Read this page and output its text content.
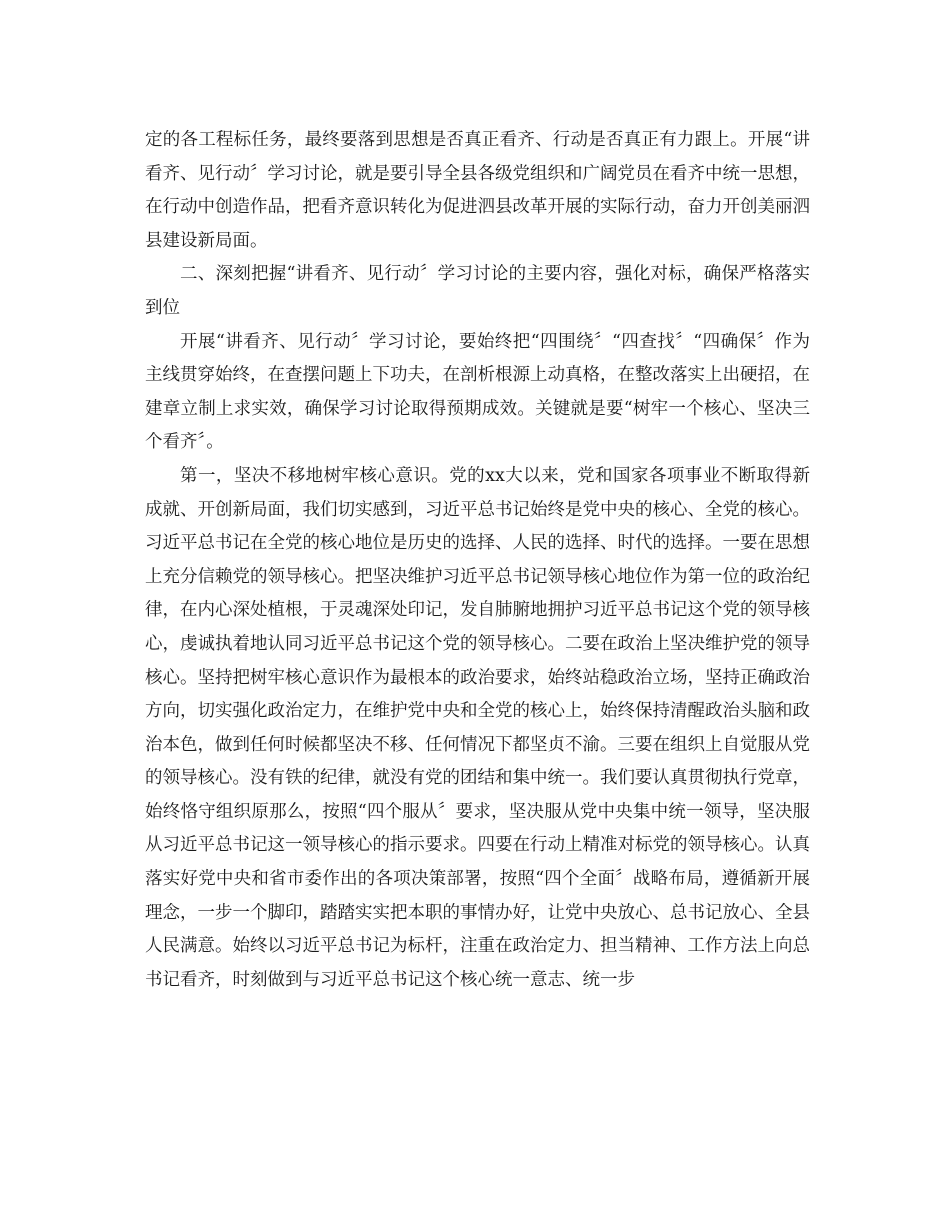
定的各工程标任务，最终要落到思想是否真正看齐、行动是否真正有力跟上。开展“讲看齐、见行动〞学习讨论，就是要引导全县各级党组织和广阔党员在看齐中统一思想，在行动中创造作品，把看齐意识转化为促进泗县改革开展的实际行动，奋力开创美丽泗县建设新局面。

二、深刻把握“讲看齐、见行动〞学习讨论的主要内容，强化对标，确保严格落实到位

开展“讲看齐、见行动〞学习讨论，要始终把“四围绕〞“四查找〞“四确保〞作为主线贯穿始终，在查摆问题上下功夫，在剖析根源上动真格，在整改落实上出硬招，在建章立制上求实效，确保学习讨论取得预期成效。关键就是要“树牢一个核心、坚决三个看齐〞。

第一，坚决不移地树牢核心意识。党的xx大以来，党和国家各项事业不断取得新成就、开创新局面，我们切实感到，习近平总书记始终是党中央的核心、全党的核心。习近平总书记在全党的核心地位是历史的选择、人民的选择、时代的选择。一要在思想上充分信赖党的领导核心。把坚决维护习近平总书记领导核心地位作为第一位的政治纪律，在内心深处植根，于灵魂深处印记，发自肺腑地拥护习近平总书记这个党的领导核心，虔诚执着地认同习近平总书记这个党的领导核心。二要在政治上坚决维护党的领导核心。坚持把树牢核心意识作为最根本的政治要求，始终站稳政治立场，坚持正确政治方向，切实强化政治定力，在维护党中央和全党的核心上，始终保持清醒政治头脑和政治本色，做到任何时候都坚决不移、任何情况下都坚贞不渝。三要在组织上自觉服从党的领导核心。没有铁的纪律，就没有党的团结和集中统一。我们要认真贯彻执行党章，始终恪守组织原那么，按照“四个服从〞要求，坚决服从党中央集中统一领导，坚决服从习近平总书记这一领导核心的指示要求。四要在行动上精准对标党的领导核心。认真落实好党中央和省市委作出的各项决策部署，按照“四个全面〞战略布局，遵循新开展理念，一步一个脚印，踏踏实实把本职的事情办好，让党中央放心、总书记放心、全县人民满意。始终以习近平总书记为标杆，注重在政治定力、担当精神、工作方法上向总书记看齐，时刻做到与习近平总书记这个核心统一意志、统一步
